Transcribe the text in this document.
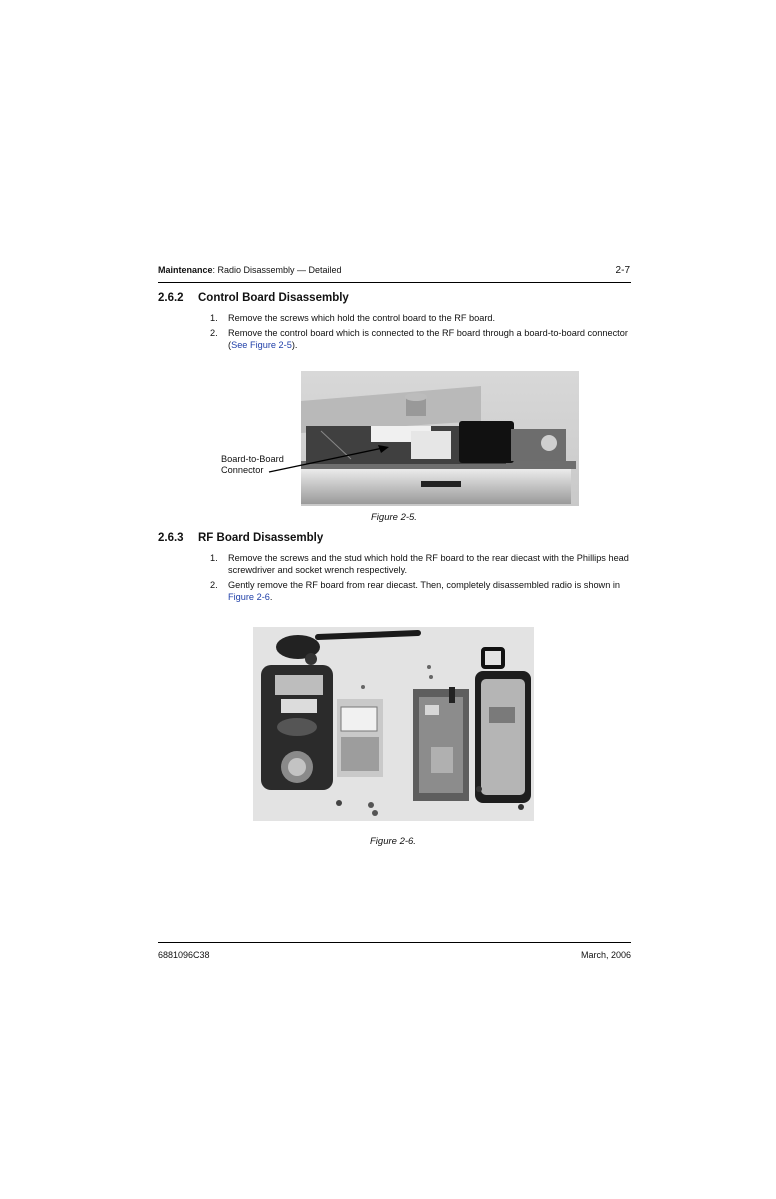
Maintenance: Radio Disassembly — Detailed	2-7
2.6.2 Control Board Disassembly
1. Remove the screws which hold the control board to the RF board.
2. Remove the control board which is connected to the RF board through a board-to-board connector (See Figure 2-5).
Board-to-Board
Connector
Figure 2-5.
2.6.3 RF Board Disassembly
1. Remove the screws and the stud which hold the RF board to the rear diecast with the Phillips head screwdriver and socket wrench respectively.
2. Gently remove the RF board from rear diecast. Then, completely disassembled radio is shown in Figure 2-6.
Figure 2-6.
6881096C38	March, 2006
